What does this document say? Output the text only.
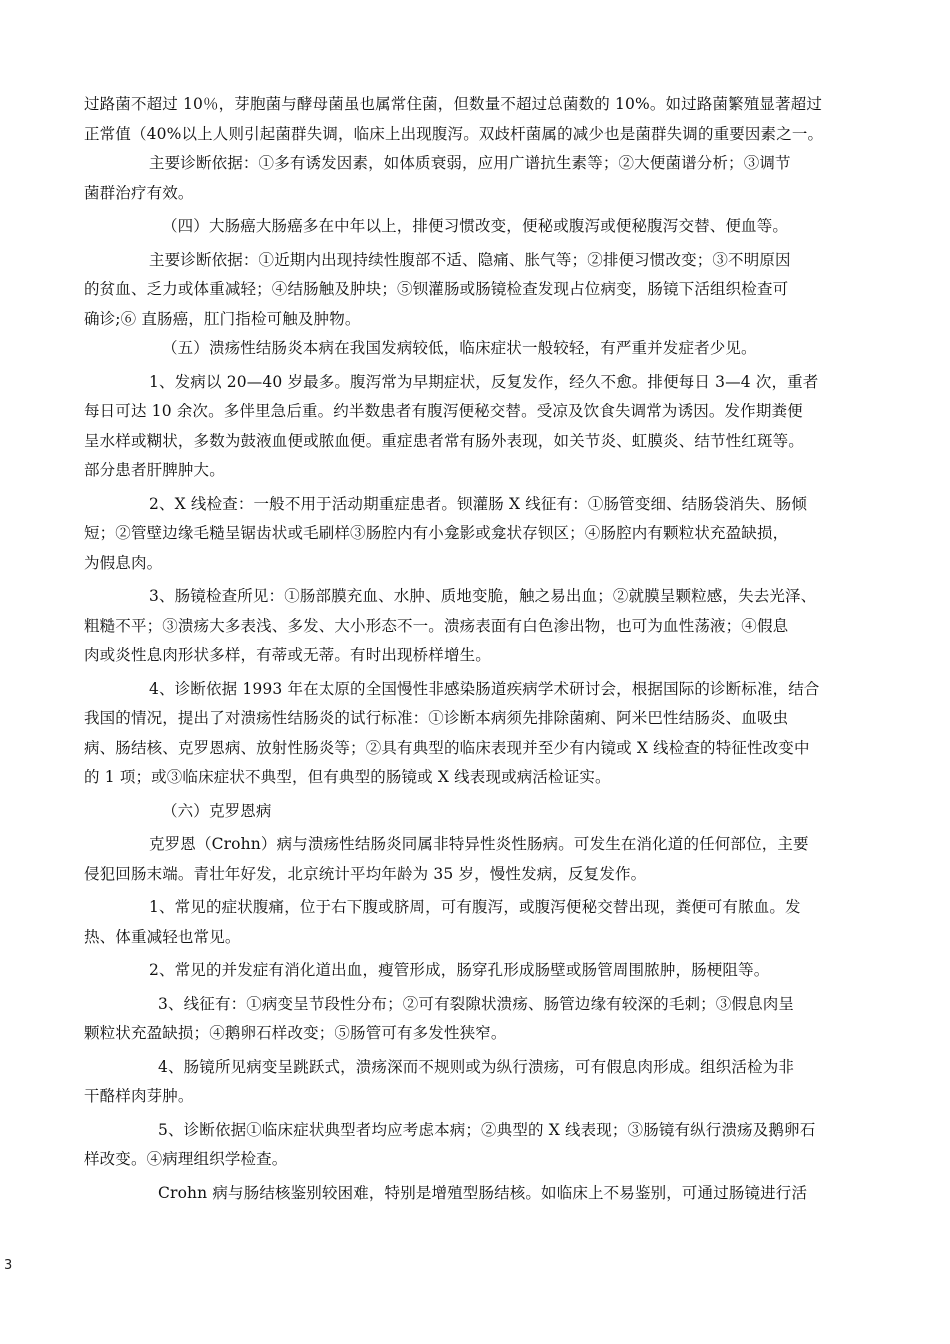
过路菌不超过 10％，芽胞菌与酵母菌虽也属常住菌，但数量不超过总菌数的 10%。如过路菌繁殖显著超过
正常值（40%以上人则引起菌群失调，临床上出现腹泻。双歧杆菌属的减少也是菌群失调的重要因素之一。
主要诊断依据：①多有诱发因素，如体质衰弱，应用广谱抗生素等；②大便菌谱分析；③调节
菌群治疗有效。
（四）大肠癌大肠癌多在中年以上，排便习惯改变，便秘或腹泻或便秘腹泻交替、便血等。
主要诊断依据：①近期内出现持续性腹部不适、隐痛、胀气等；②排便习惯改变；③不明原因
的贫血、乏力或体重减轻；④结肠触及肿块；⑤钡灌肠或肠镜检查发现占位病变，肠镜下活组织检查可
确诊;⑥ 直肠癌，肛门指检可触及肿物。
（五）溃疡性结肠炎本病在我国发病较低，临床症状一般较轻，有严重并发症者少见。
1、发病以 20—40 岁最多。腹泻常为早期症状，反复发作，经久不愈。排便每日 3—4 次，重者
每日可达 10 余次。多伴里急后重。约半数患者有腹泻便秘交替。受凉及饮食失调常为诱因。发作期粪便
呈水样或糊状，多数为鼓液血便或脓血便。重症患者常有肠外表现，如关节炎、虹膜炎、结节性红斑等。
部分患者肝脾肿大。
2、X 线检查：一般不用于活动期重症患者。钡灌肠 X 线征有：①肠管变细、结肠袋消失、肠倾
短；②管壁边缘毛糙呈锯齿状或毛刷样③肠腔内有小龛影或龛状存钡区；④肠腔内有颗粒状充盈缺损，
为假息肉。
3、肠镜检查所见：①肠部膜充血、水肿、质地变脆，触之易出血；②就膜呈颗粒感，失去光泽、
粗糙不平；③溃疡大多表浅、多发、大小形态不一。溃疡表面有白色渗出物，也可为血性荡液；④假息
肉或炎性息肉形状多样，有蒂或无蒂。有时出现桥样增生。
4、诊断依据 1993 年在太原的全国慢性非感染肠道疾病学术研讨会，根据国际的诊断标准，结合
我国的情况，提出了对溃疡性结肠炎的试行标准：①诊断本病须先排除菌痢、阿米巴性结肠炎、血吸虫
病、肠结核、克罗恩病、放射性肠炎等；②具有典型的临床表现并至少有内镜或 X 线检查的特征性改变中
的 1 项；或③临床症状不典型，但有典型的肠镜或 X 线表现或病活检证实。
（六）克罗恩病
克罗恩（Crohn）病与溃疡性结肠炎同属非特异性炎性肠病。可发生在消化道的任何部位，主要
侵犯回肠末端。青壮年好发，北京统计平均年龄为 35 岁，慢性发病，反复发作。
1、常见的症状腹痛，位于右下腹或脐周，可有腹泻，或腹泻便秘交替出现，粪便可有脓血。发
热、体重减轻也常见。
2、常见的并发症有消化道出血，瘦管形成，肠穿孔形成肠壁或肠管周围脓肿，肠梗阻等。
3、线征有：①病变呈节段性分布；②可有裂隙状溃疡、肠管边缘有较深的毛刺；③假息肉呈
颗粒状充盈缺损；④鹅卵石样改变；⑤肠管可有多发性狭窄。
4、肠镜所见病变呈跳跃式，溃疡深而不规则或为纵行溃疡，可有假息肉形成。组织活检为非
干酪样肉芽肿。
5、诊断依据①临床症状典型者均应考虑本病；②典型的 X 线表现；③肠镜有纵行溃疡及鹅卵石
样改变。④病理组织学检查。
Crohn 病与肠结核鉴别较困难，特别是增殖型肠结核。如临床上不易鉴别，可通过肠镜进行活
3
